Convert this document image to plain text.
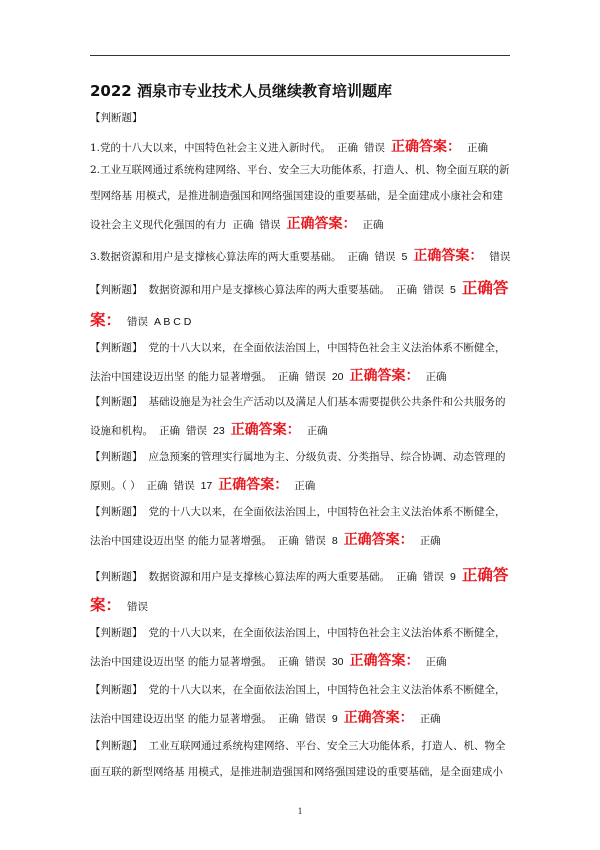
2022 酒泉市专业技术人员继续教育培训题库
【判断题】
1.党的十八大以来，中国特色社会主义进入新时代。 正确 错误 正确答案： 正确
2.工业互联网通过系统构建网络、平台、安全三大功能体系，打造人、机、物全面互联的新
型网络基 用模式，是推进制造强国和网络强国建设的重要基础，是全面建成小康社会和建
设社会主义现代化强国的有力 正确 错误 正确答案： 正确
3.数据资源和用户是支撑核心算法库的两大重要基础。 正确 错误 5 正确答案： 错误
【判断题】 数据资源和用户是支撑核心算法库的两大重要基础。 正确 错误 5 正确答
案： 错误 A B C D
【判断题】 党的十八大以来，在全面依法治国上，中国特色社会主义法治体系不断健全，
法治中国建设迈出坚 的能力显著增强。 正确 错误 20 正确答案： 正确
【判断题】 基础设施是为社会生产活动以及满足人们基本需要提供公共条件和公共服务的
设施和机构。 正确 错误 23 正确答案： 正确
【判断题】 应急预案的管理实行属地为主、分级负责、分类指导、综合协调、动态管理的
原则。（ ） 正确 错误 17 正确答案： 正确
【判断题】 党的十八大以来，在全面依法治国上，中国特色社会主义法治体系不断健全，
法治中国建设迈出坚 的能力显著增强。 正确 错误 8 正确答案： 正确
【判断题】 数据资源和用户是支撑核心算法库的两大重要基础。 正确 错误 9 正确答
案： 错误
【判断题】 党的十八大以来，在全面依法治国上，中国特色社会主义法治体系不断健全，
法治中国建设迈出坚 的能力显著增强。 正确 错误 30 正确答案： 正确
【判断题】 党的十八大以来，在全面依法治国上，中国特色社会主义法治体系不断健全，
法治中国建设迈出坚 的能力显著增强。 正确 错误 9 正确答案： 正确
【判断题】 工业互联网通过系统构建网络、平台、安全三大功能体系，打造人、机、物全
面互联的新型网络基 用模式，是推进制造强国和网络强国建设的重要基础，是全面建成小
1
